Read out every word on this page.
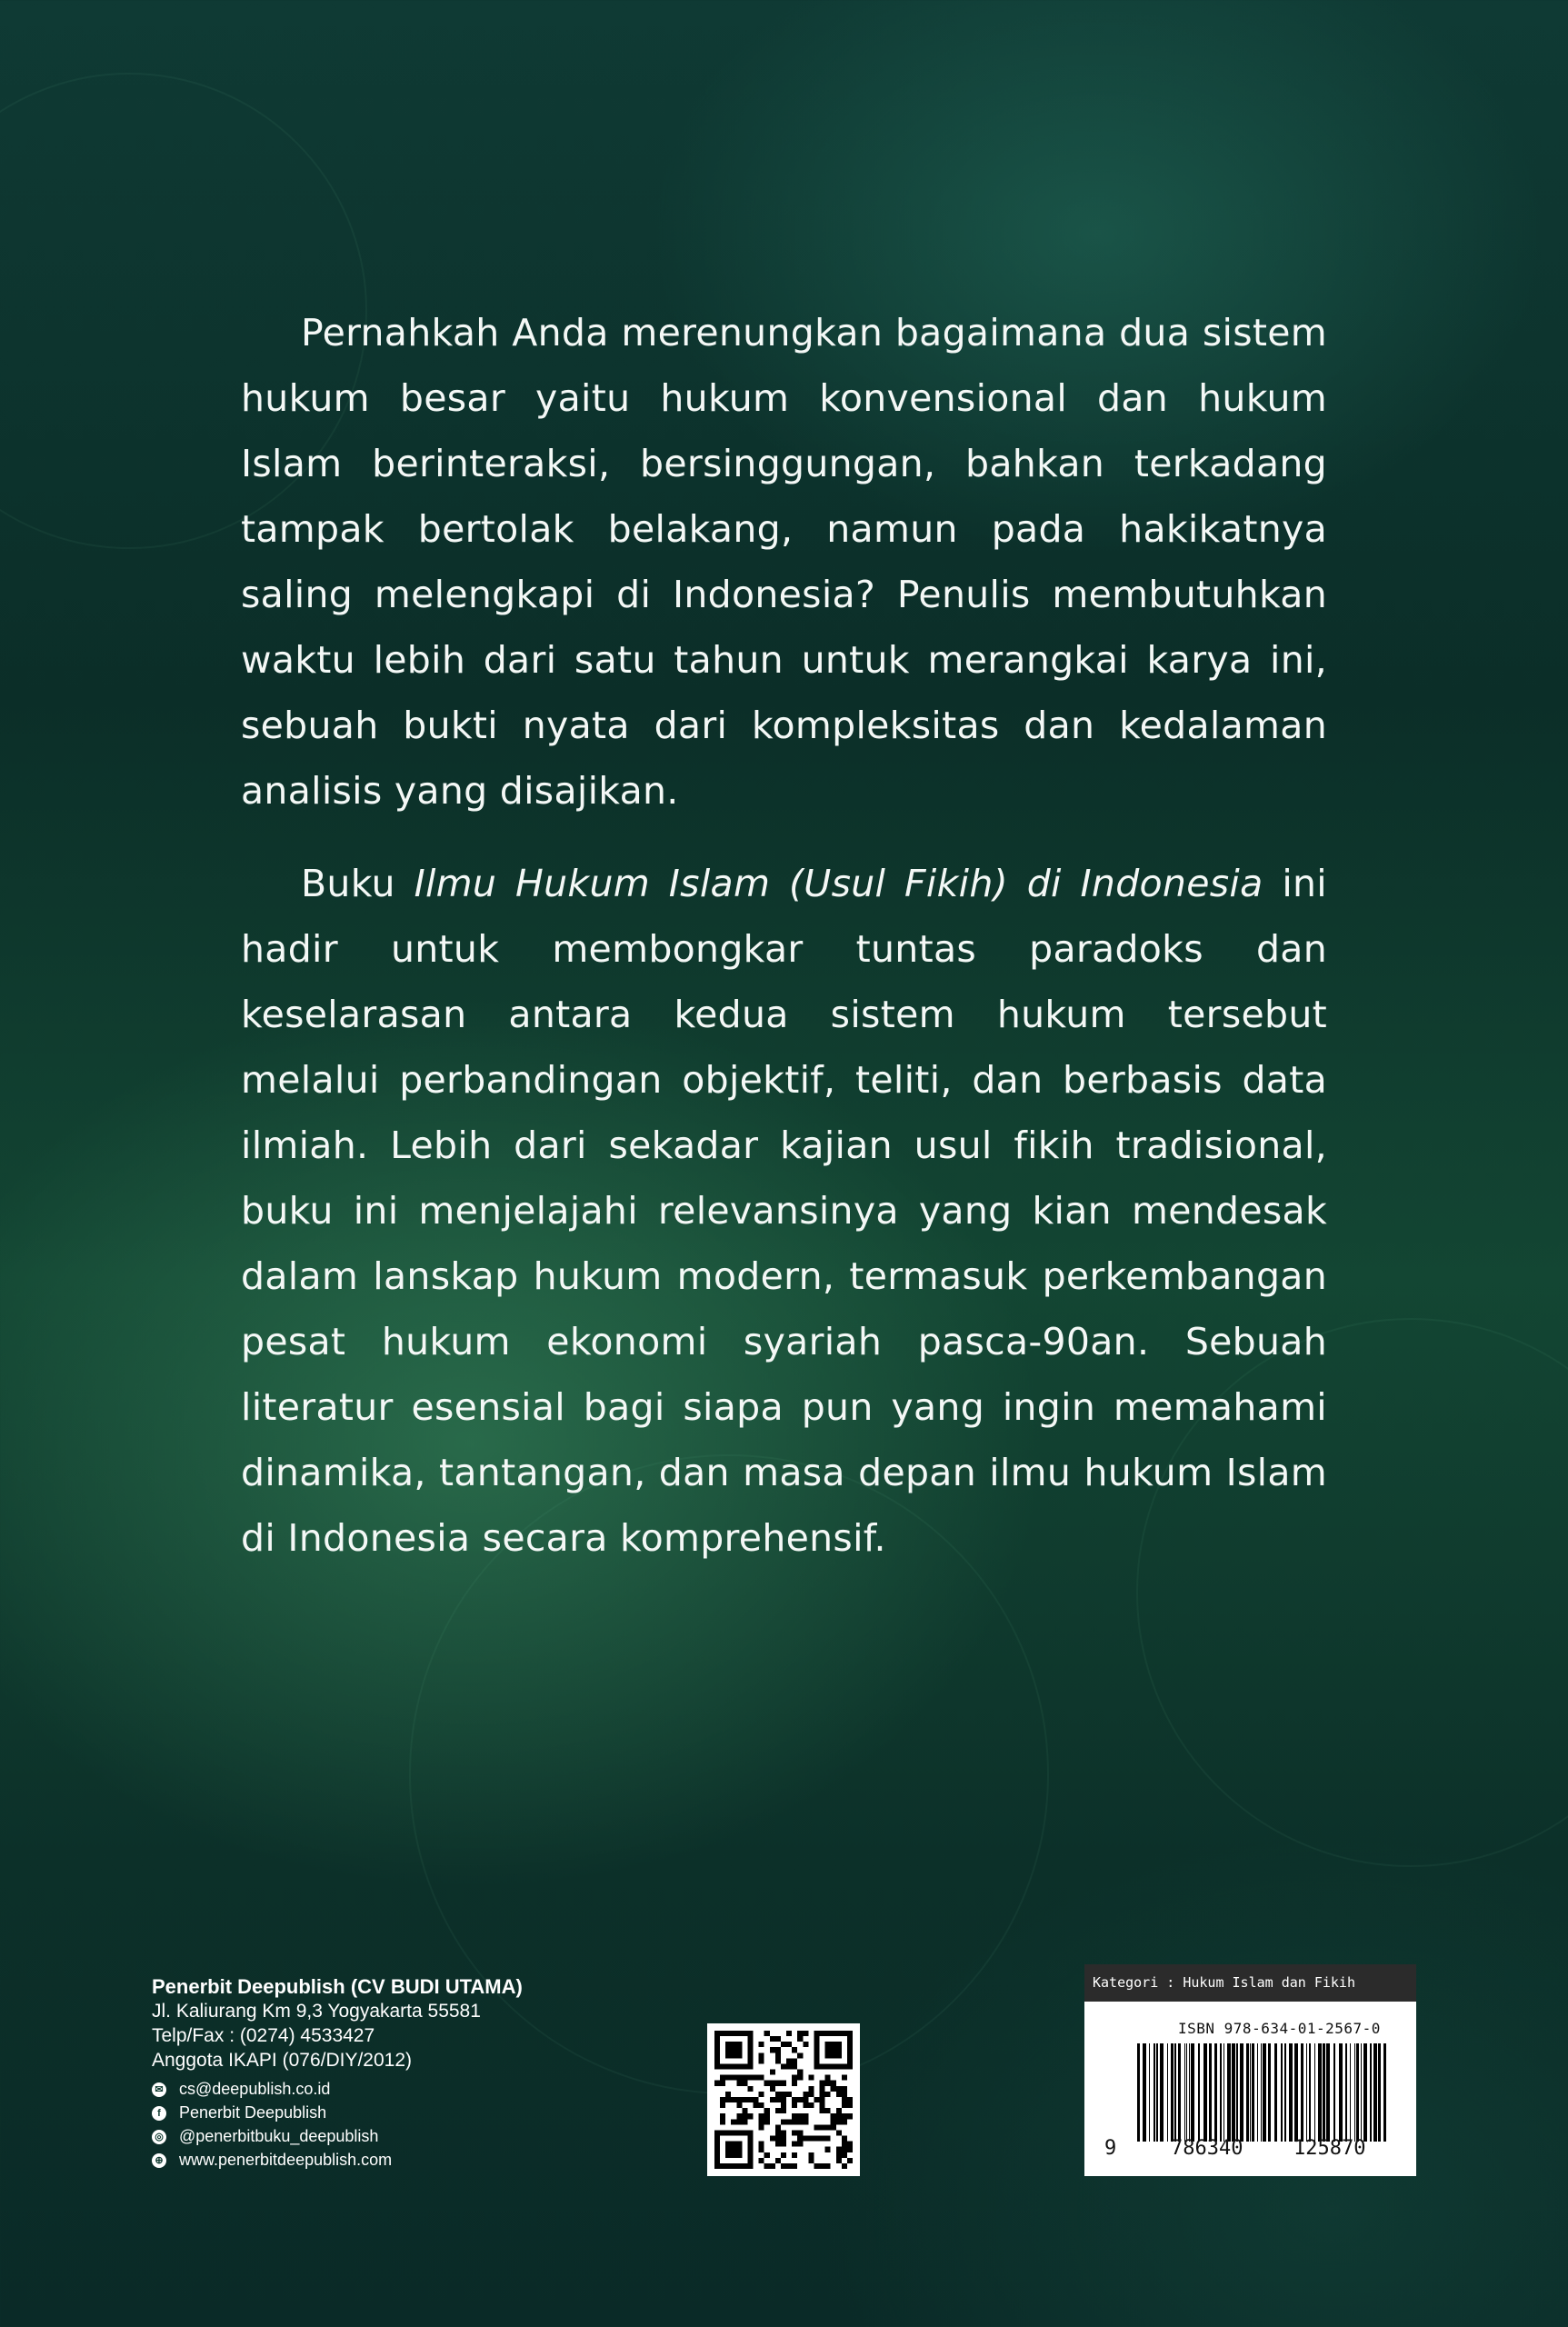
Pernahkah Anda merenungkan bagaimana dua sistem hukum besar yaitu hukum konvensional dan hukum Islam berinteraksi, bersinggungan, bahkan terkadang tampak bertolak belakang, namun pada hakikatnya saling melengkapi di Indonesia? Penulis membutuhkan waktu lebih dari satu tahun untuk merangkai karya ini, sebuah bukti nyata dari kompleksitas dan kedalaman analisis yang disajikan.

Buku Ilmu Hukum Islam (Usul Fikih) di Indonesia ini hadir untuk membongkar tuntas paradoks dan keselarasan antara kedua sistem hukum tersebut melalui perbandingan objektif, teliti, dan berbasis data ilmiah. Lebih dari sekadar kajian usul fikih tradisional, buku ini menjelajahi relevansinya yang kian mendesak dalam lanskap hukum modern, termasuk perkembangan pesat hukum ekonomi syariah pasca-90an. Sebuah literatur esensial bagi siapa pun yang ingin memahami dinamika, tantangan, dan masa depan ilmu hukum Islam di Indonesia secara komprehensif.

Penerbit Deepublish (CV BUDI UTAMA)
Jl. Kaliurang Km 9,3 Yogyakarta 55581
Telp/Fax : (0274) 4533427
Anggota IKAPI (076/DIY/2012)
✉ cs@deepublish.co.id
f	Penerbit Deepublish
◎ @penerbitbuku_deepublish
⊕ www.penerbitdeepublish.com
Kategori : Hukum Islam dan Fikih
ISBN 978-634-01-2567-0
9	786340	125870
